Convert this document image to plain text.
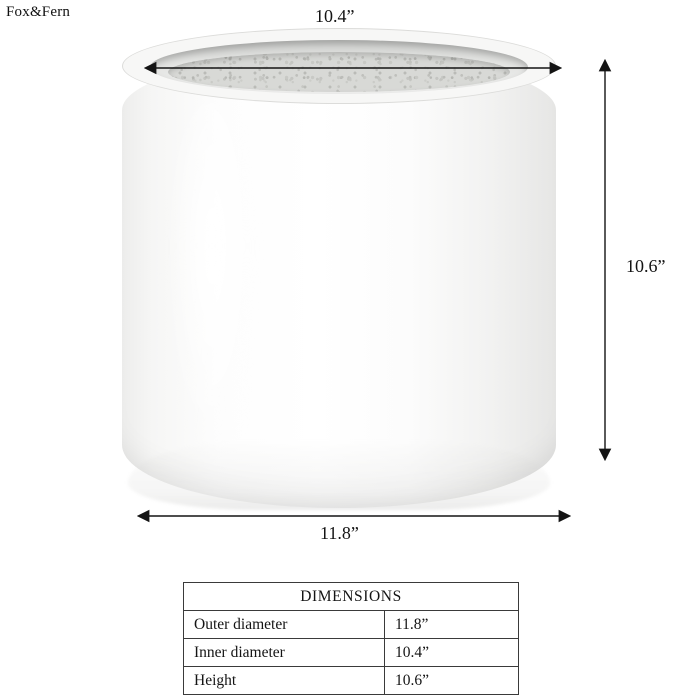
Fox&Fern	10.4”
11.8”
10.6”
DIMENSIONS	
Outer diameter	11.8”
Inner diameter	10.4”
Height	10.6”
